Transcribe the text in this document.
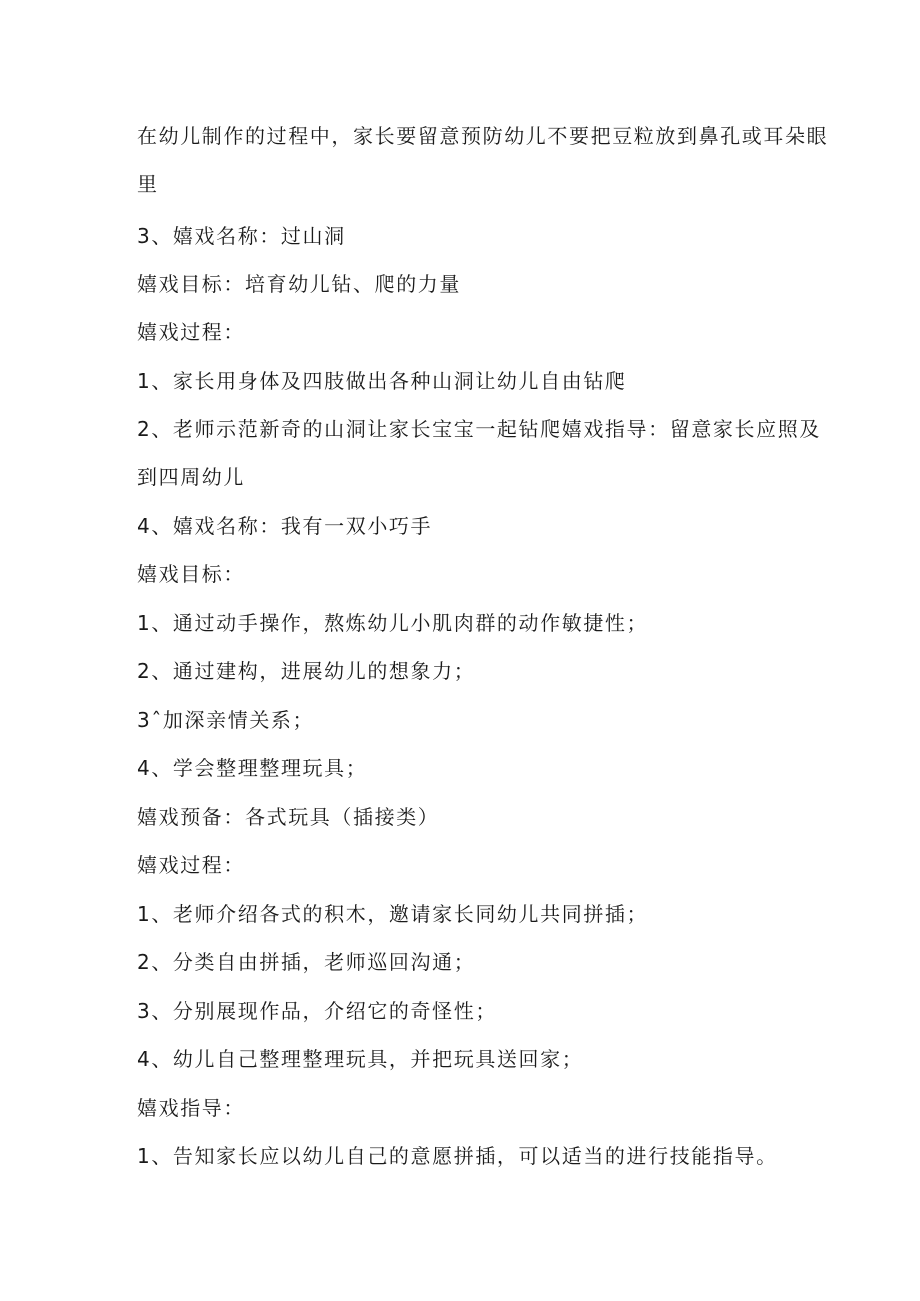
在幼儿制作的过程中，家长要留意预防幼儿不要把豆粒放到鼻孔或耳朵眼
里
3、嬉戏名称：过山洞
嬉戏目标：培育幼儿钻、爬的力量
嬉戏过程：
1、家长用身体及四肢做出各种山洞让幼儿自由钻爬
2、老师示范新奇的山洞让家长宝宝一起钻爬嬉戏指导：留意家长应照及
到四周幼儿
4、嬉戏名称：我有一双小巧手
嬉戏目标：
1、通过动手操作，熬炼幼儿小肌肉群的动作敏捷性；
2、通过建构，进展幼儿的想象力；
3ˆ加深亲情关系；
4、学会整理整理玩具；
嬉戏预备：各式玩具（插接类）
嬉戏过程：
1、老师介绍各式的积木，邀请家长同幼儿共同拼插；
2、分类自由拼插，老师巡回沟通；
3、分别展现作品，介绍它的奇怪性；
4、幼儿自己整理整理玩具，并把玩具送回家；
嬉戏指导：
1、告知家长应以幼儿自己的意愿拼插，可以适当的进行技能指导。
